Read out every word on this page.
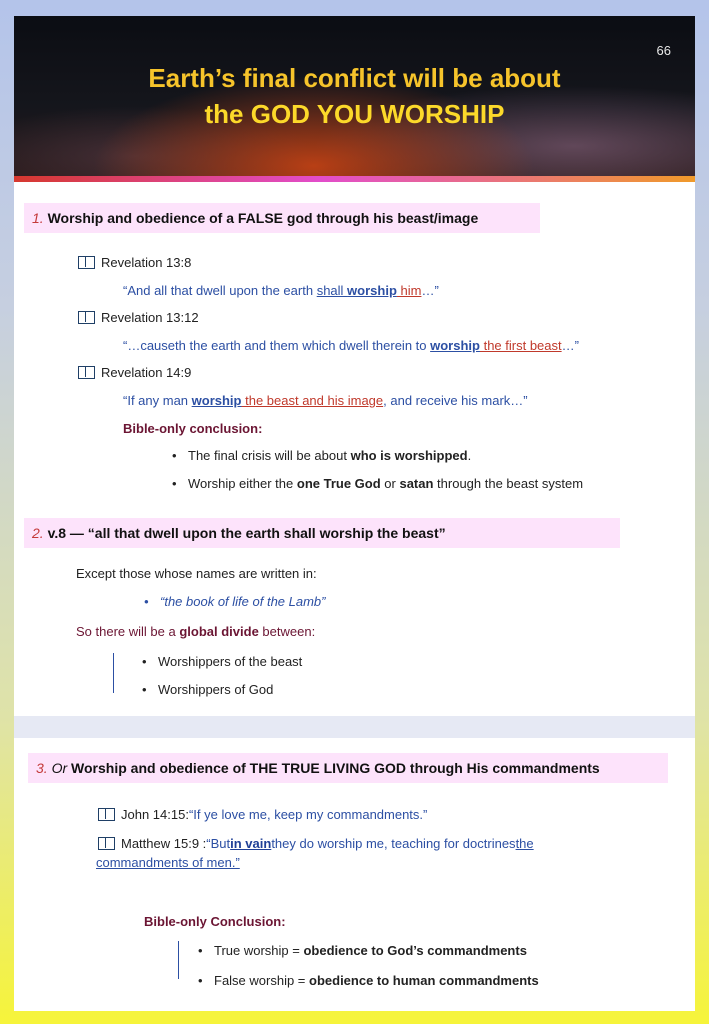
66
Earth’s final conflict will be about
the GOD YOU WORSHIP
1. Worship and obedience of a FALSE god through his beast/image
Revelation 13:8
“And all that dwell upon the earth shall worship him…”
Revelation 13:12
“…causeth the earth and them which dwell therein to worship the first beast…”
Revelation 14:9
“If any man worship the beast and his image, and receive his mark…”
Bible-only conclusion:
• The final crisis will be about who is worshipped.
• Worship either the one True God or satan through the beast system
2. v.8 — “all that dwell upon the earth shall worship the beast”
Except those whose names are written in:
• “the book of life of the Lamb”
So there will be a global divide between:
• Worshippers of the beast
• Worshippers of God
3. Or Worship and obedience of THE TRUE LIVING GOD through His commandments
John 14:15: “If ye love me, keep my commandments.”
Matthew 15:9 : “But in vain they do worship me, teaching for doctrines the
commandments of men.”
Bible-only Conclusion:
• True worship = obedience to God’s commandments
• False worship = obedience to human commandments
